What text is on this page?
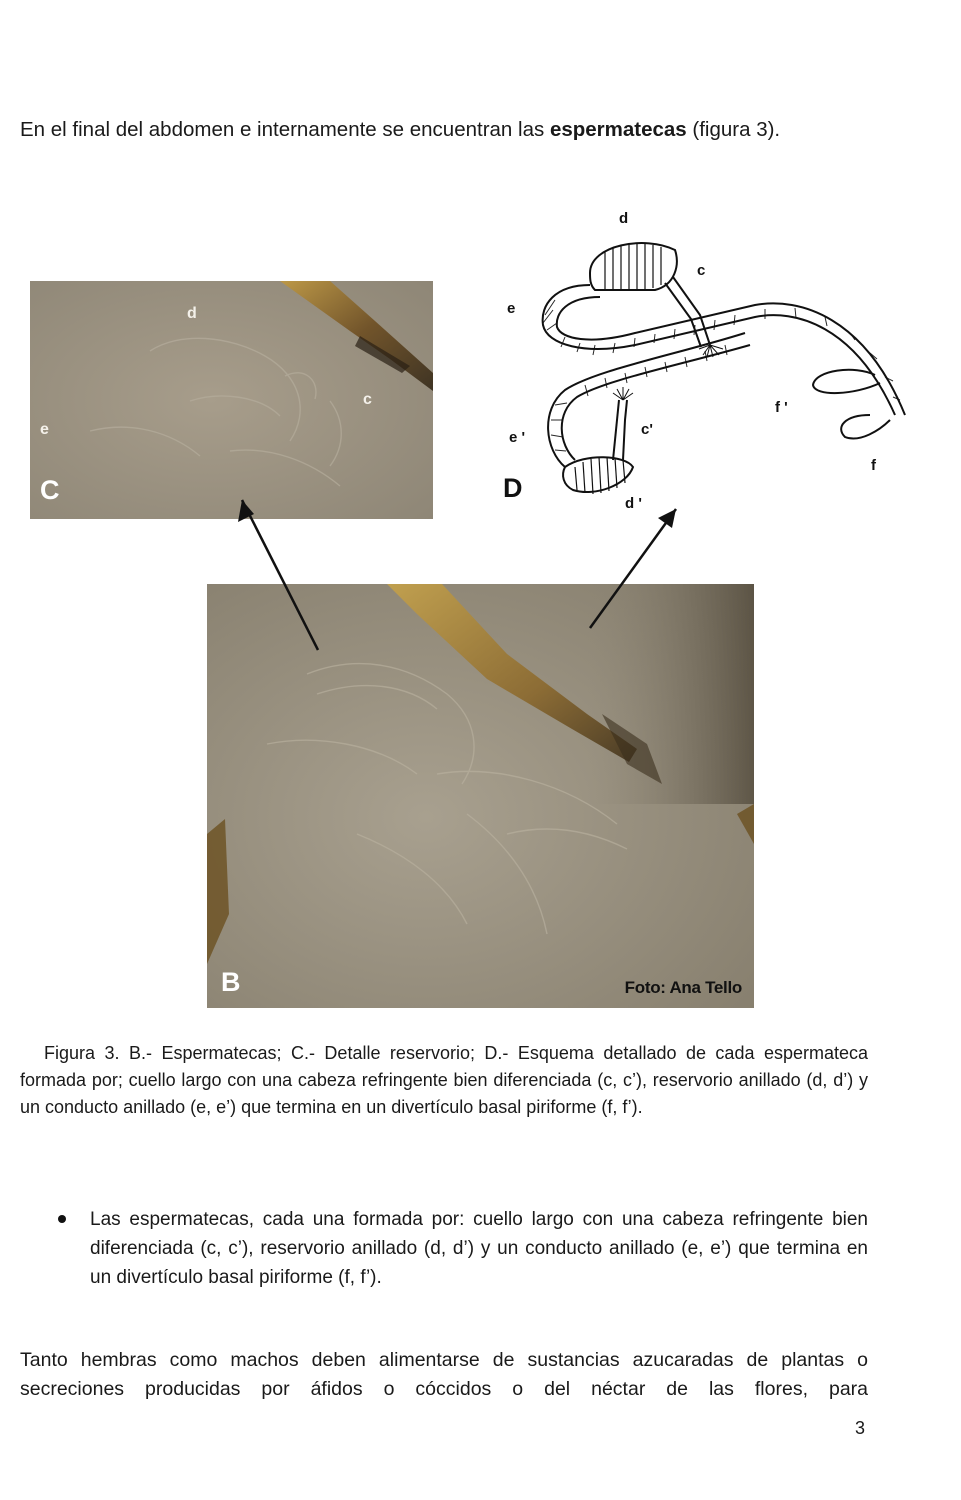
En el final del abdomen e internamente se encuentran las espermatecas (figura 3).
d
c
e
C
d
c
e
e '	c'
d '
f '
f
D
B	Foto: Ana Tello
Figura 3. B.- Espermatecas; C.- Detalle reservorio; D.- Esquema detallado de cada espermateca formada por; cuello largo con una cabeza refringente bien diferenciada (c, c’), reservorio anillado (d, d’) y un conducto anillado (e, e’) que termina en un divertículo basal piriforme (f, f’).
Las espermatecas, cada una formada por: cuello largo con una cabeza refringente bien diferenciada (c, c’), reservorio anillado (d, d’) y un conducto anillado (e, e’) que termina en un divertículo basal piriforme (f, f’).
Tanto hembras como machos deben alimentarse de sustancias azucaradas de plantas o secreciones producidas por áfidos o cóccidos o del néctar de las flores, para
3
